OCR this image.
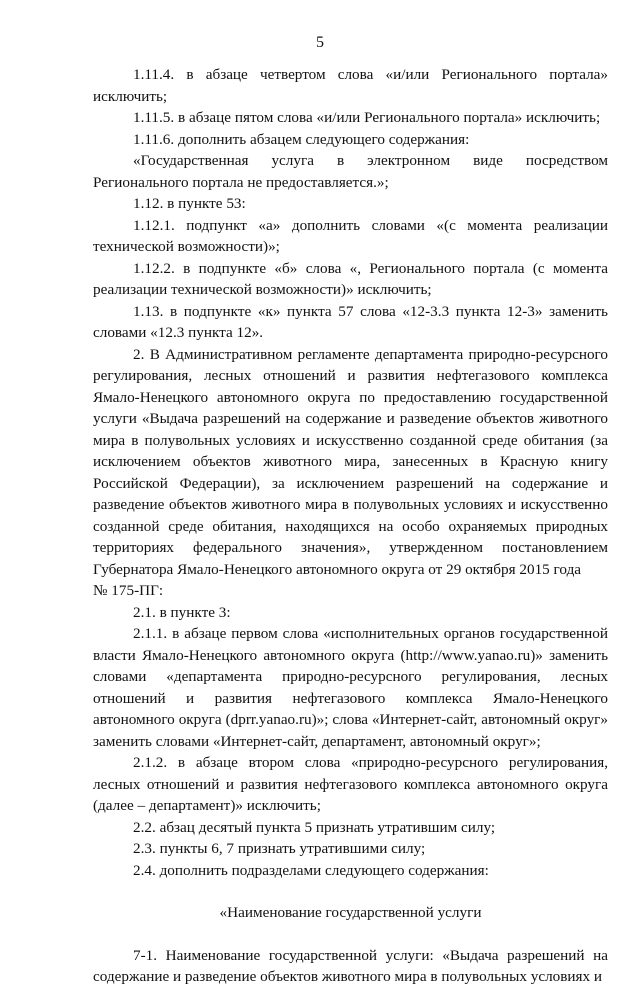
5

1.11.4. в абзаце четвертом слова «и/или Регионального портала» исключить;

1.11.5. в абзаце пятом слова «и/или Регионального портала» исключить;

1.11.6. дополнить абзацем следующего содержания:

«Государственная услуга в электронном виде посредством Регионального портала не предоставляется.»;

1.12. в пункте 53:

1.12.1. подпункт «а» дополнить словами «(с момента реализации технической возможности)»;

1.12.2. в подпункте «б» слова «, Регионального портала (с момента реализации технической возможности)» исключить;

1.13. в подпункте «к» пункта 57 слова «12-3.3 пункта 12-3» заменить словами «12.3 пункта 12».

2. В Административном регламенте департамента природно-ресурсного регулирования, лесных отношений и развития нефтегазового комплекса Ямало-Ненецкого автономного округа по предоставлению государственной услуги «Выдача разрешений на содержание и разведение объектов животного мира в полувольных условиях и искусственно созданной среде обитания (за исключением объектов животного мира, занесенных в Красную книгу Российской Федерации), за исключением разрешений на содержание и разведение объектов животного мира в полувольных условиях и искусственно созданной среде обитания, находящихся на особо охраняемых природных территориях федерального значения», утвержденном постановлением Губернатора Ямало-Ненецкого автономного округа от 29 октября 2015 года

№ 175-ПГ:

2.1. в пункте 3:

2.1.1. в абзаце первом слова «исполнительных органов государственной власти Ямало-Ненецкого автономного округа (http://www.yanao.ru)» заменить словами «департамента природно-ресурсного регулирования, лесных отношений и развития нефтегазового комплекса Ямало-Ненецкого автономного округа (dprr.yanao.ru)»; слова «Интернет-сайт, автономный округ» заменить словами «Интернет-сайт, департамент, автономный округ»;

2.1.2. в абзаце втором слова «природно-ресурсного регулирования, лесных отношений и развития нефтегазового комплекса автономного округа (далее – департамент)» исключить;

2.2. абзац десятый пункта 5 признать утратившим силу;

2.3. пункты 6, 7 признать утратившими силу;

2.4. дополнить подразделами следующего содержания:

«Наименование государственной услуги

7-1. Наименование государственной услуги: «Выдача разрешений на содержание и разведение объектов животного мира в полувольных условиях и
